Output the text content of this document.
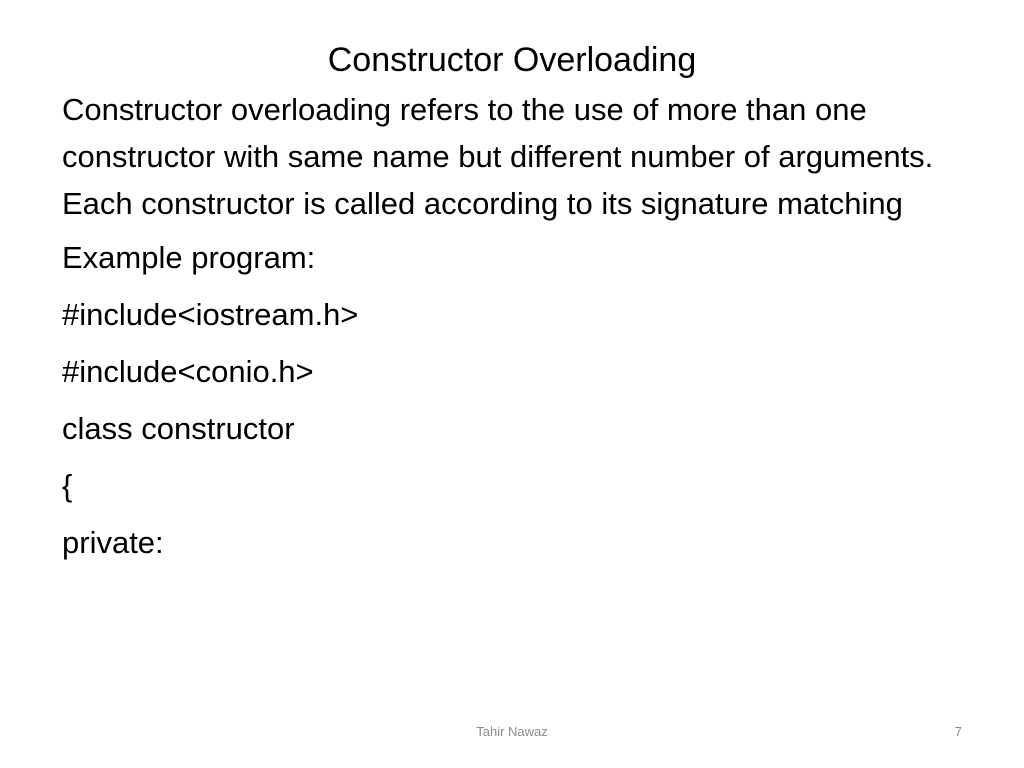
Constructor Overloading

Constructor overloading refers to the use of more than one constructor with same name but different number of arguments. Each constructor is called according to its signature matching

Example program:

#include<iostream.h>

#include<conio.h>

class constructor

{

private:

Tahir Nawaz	7
